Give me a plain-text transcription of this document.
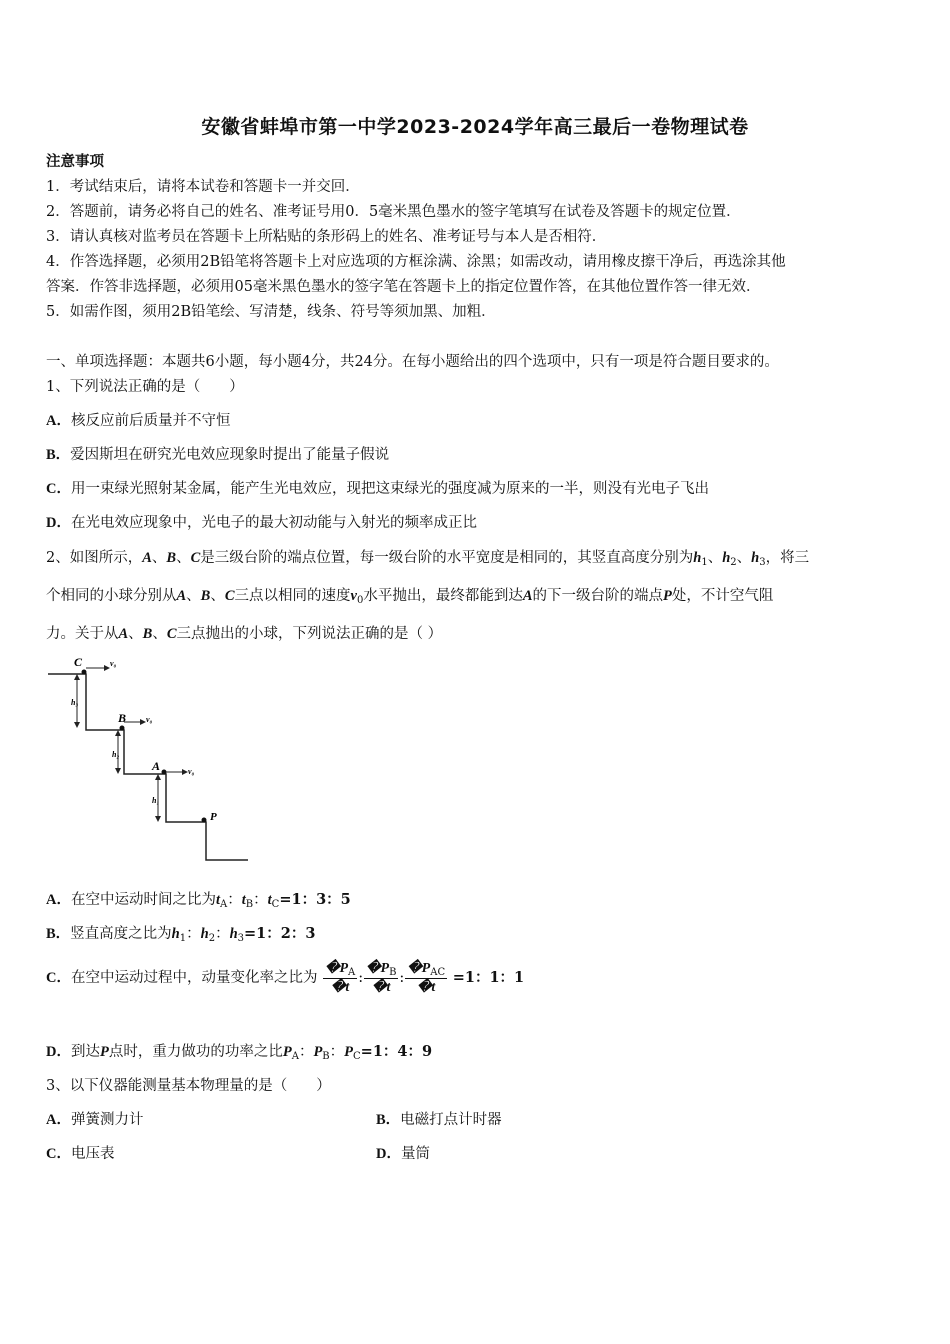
安徽省蚌埠市第一中学2023-2024学年高三最后一卷物理试卷
注意事项
1．考试结束后，请将本试卷和答题卡一并交回．
2．答题前，请务必将自己的姓名、准考证号用0．5毫米黑色墨水的签字笔填写在试卷及答题卡的规定位置．
3．请认真核对监考员在答题卡上所粘贴的条形码上的姓名、准考证号与本人是否相符．
4．作答选择题，必须用2B铅笔将答题卡上对应选项的方框涂满、涂黑；如需改动，请用橡皮擦干净后，再选涂其他
答案．作答非选择题，必须用05毫米黑色墨水的签字笔在答题卡上的指定位置作答，在其他位置作答一律无效．
5．如需作图，须用2B铅笔绘、写清楚，线条、符号等须加黑、加粗．
一、单项选择题：本题共6小题，每小题4分，共24分。在每小题给出的四个选项中，只有一项是符合题目要求的。
1、下列说法正确的是（　　）
A．核反应前后质量并不守恒
B．爱因斯坦在研究光电效应现象时提出了能量子假说
C．用一束绿光照射某金属，能产生光电效应，现把这束绿光的强度减为原来的一半，则没有光电子飞出
D．在光电效应现象中，光电子的最大初动能与入射光的频率成正比
2、如图所示，A、B、C是三级台阶的端点位置，每一级台阶的水平宽度是相同的，其竖直高度分别为$h_1$、$h_2$、$h_3$，将三
个相同的小球分别从A、B、C三点以相同的速度$v_0$水平抛出，最终都能到达A的下一级台阶的端点P处，不计空气阻
力。关于从A、B、C三点抛出的小球，下列说法正确的是（ ）
C
B
A
P
v₀
v₀
v₀
h₃
h₂
h₁
A．在空中运动时间之比为$t_A$：$t_B$：$t_C=1$：3：5
B．竖直高度之比为$h_1$：$h_2$：$h_3=1$：2：3
C．在空中运动过程中，动量变化率之比为 $\frac{�P_A}{�t}$ : $\frac{�P_B}{�t}$ : $\frac{�P_{AC}}{�t} =1$：1：1
D．到达P点时，重力做功的功率之比$P_A$：$P_B$：$P_C=1$：4：9
3、以下仪器能测量基本物理量的是（　　）
A．弹簧测力计	B．电磁打点计时器
C．电压表	D．量筒
